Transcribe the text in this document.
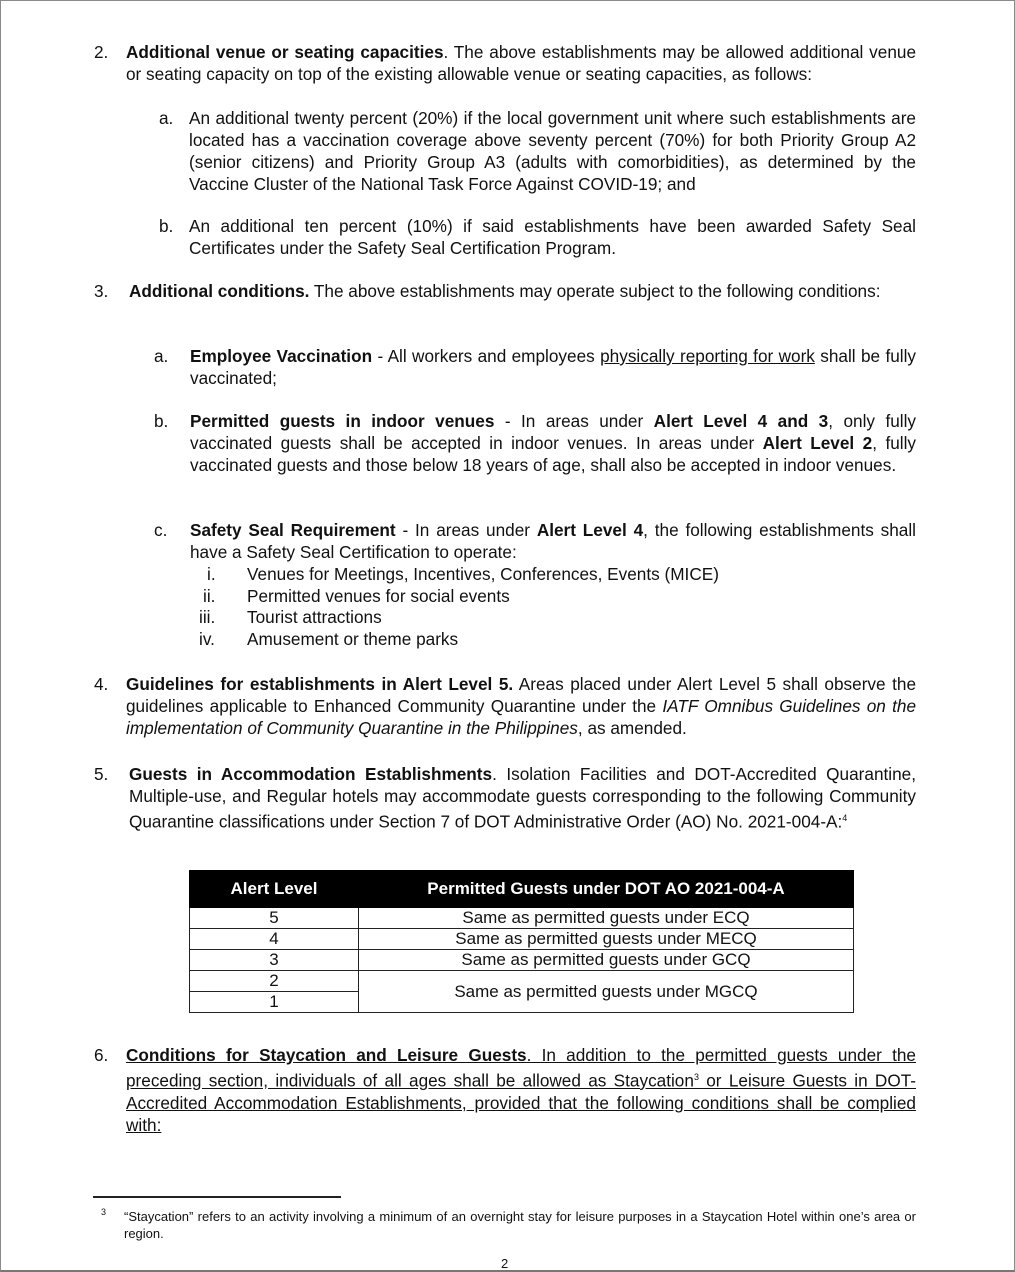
2. Additional venue or seating capacities. The above establishments may be allowed additional venue or seating capacity on top of the existing allowable venue or seating capacities, as follows:
a. An additional twenty percent (20%) if the local government unit where such establishments are located has a vaccination coverage above seventy percent (70%) for both Priority Group A2 (senior citizens) and Priority Group A3 (adults with comorbidities), as determined by the Vaccine Cluster of the National Task Force Against COVID-19; and
b. An additional ten percent (10%) if said establishments have been awarded Safety Seal Certificates under the Safety Seal Certification Program.
3. Additional conditions. The above establishments may operate subject to the following conditions:
a. Employee Vaccination - All workers and employees physically reporting for work shall be fully vaccinated;
b. Permitted guests in indoor venues - In areas under Alert Level 4 and 3, only fully vaccinated guests shall be accepted in indoor venues. In areas under Alert Level 2, fully vaccinated guests and those below 18 years of age, shall also be accepted in indoor venues.
c. Safety Seal Requirement - In areas under Alert Level 4, the following establishments shall have a Safety Seal Certification to operate:
i. Venues for Meetings, Incentives, Conferences, Events (MICE)
ii. Permitted venues for social events
iii. Tourist attractions
iv. Amusement or theme parks
4. Guidelines for establishments in Alert Level 5. Areas placed under Alert Level 5 shall observe the guidelines applicable to Enhanced Community Quarantine under the IATF Omnibus Guidelines on the implementation of Community Quarantine in the Philippines, as amended.
5. Guests in Accommodation Establishments. Isolation Facilities and DOT-Accredited Quarantine, Multiple-use, and Regular hotels may accommodate guests corresponding to the following Community Quarantine classifications under Section 7 of DOT Administrative Order (AO) No. 2021-004-A:$^4$
Alert Level	Permitted Guests under DOT AO 2021-004-A
5	Same as permitted guests under ECQ
4	Same as permitted guests under MECQ
3	Same as permitted guests under GCQ
2	Same as permitted guests under MGCQ
1	
6. Conditions for Staycation and Leisure Guests. In addition to the permitted guests under the preceding section, individuals of all ages shall be allowed as Staycation$^3$ or Leisure Guests in DOT-Accredited Accommodation Establishments, provided that the following conditions shall be complied with:
3 “Staycation” refers to an activity involving a minimum of an overnight stay for leisure purposes in a Staycation Hotel within one’s area or region.
2
